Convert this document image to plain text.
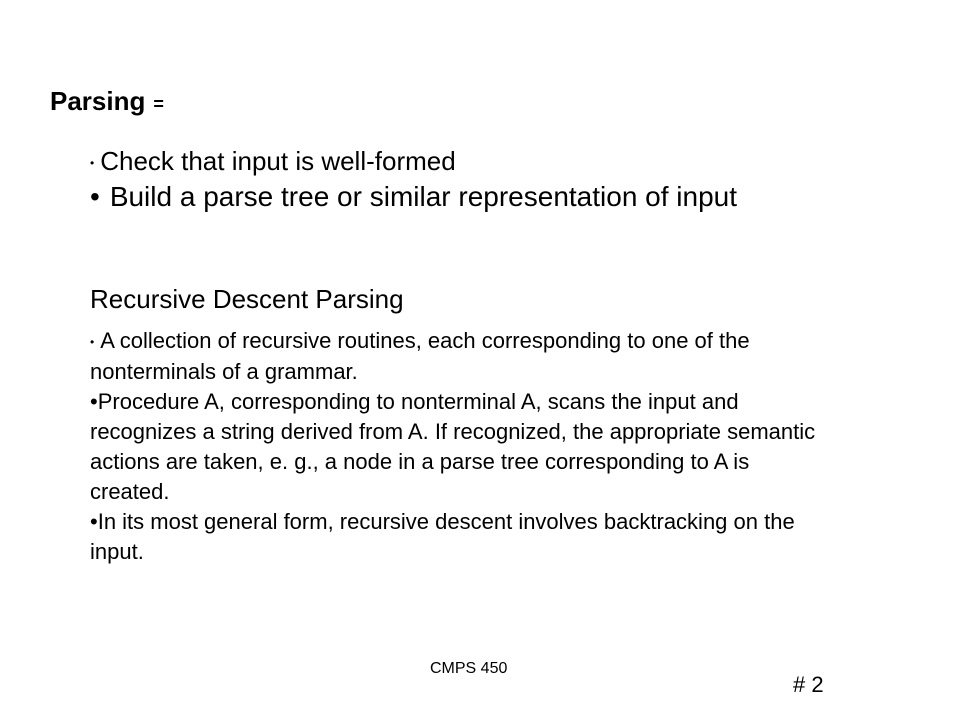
Parsing =
• Check that input is well-formed
• Build a parse tree or similar representation of input
Recursive Descent Parsing

• A collection of recursive routines, each corresponding to one of the nonterminals of a grammar.

•Procedure A, corresponding to nonterminal A, scans the input and recognizes a string derived from A. If recognized, the appropriate semantic actions are taken, e. g., a node in a parse tree corresponding to A is created.

•In its most general form, recursive descent involves backtracking on the input.

CMPS 450
# 2
